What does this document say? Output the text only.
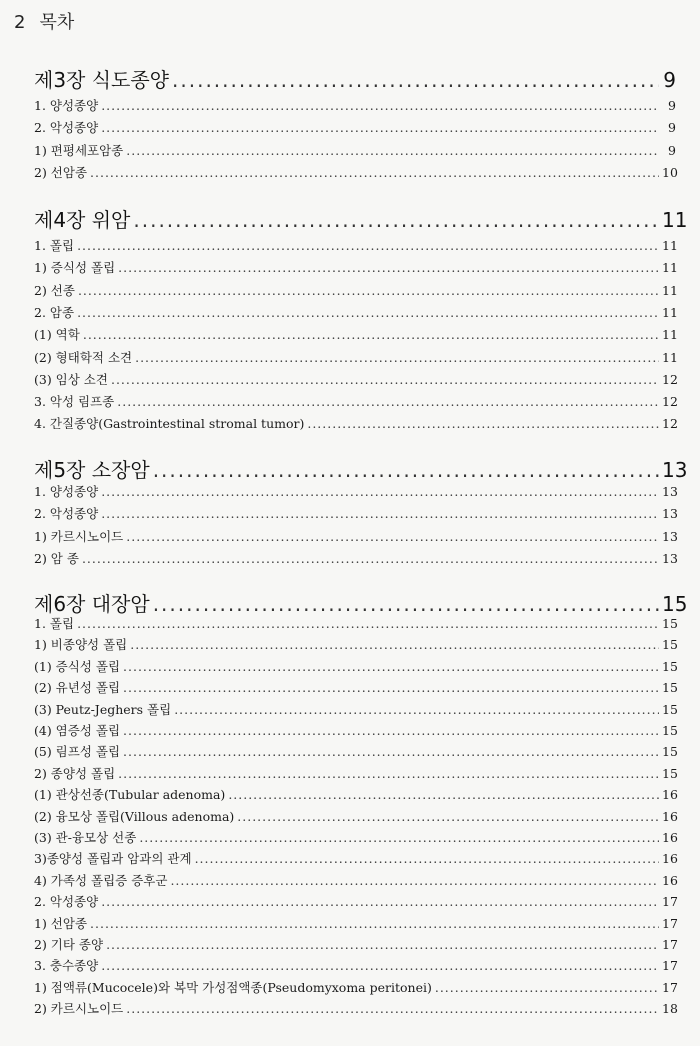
2 목차
제3장 식도종양 .....	9
1. 양성종양 .....	9
2. 악성종양 .....	9
1) 편평세포암종 .....	9
2) 선암종 .....	10
제4장 위암 .....	11
1. 폴립 .....	11
1) 증식성 폴립 .....	11
2) 선종 .....	11
2. 암종 .....	11
(1) 역학 .....	11
(2) 형태학적 소견 .....	11
(3) 임상 소견 .....	12
3. 악성 림프종 .....	12
4. 간질종양(Gastrointestinal stromal tumor) .....	12
제5장 소장암 .....	13
1. 양성종양 .....	13
2. 악성종양 .....	13
1) 카르시노이드 .....	13
2) 암 종 .....	13
제6장 대장암 .....	15
1. 폴립 .....	15
1) 비종양성 폴립 .....	15
(1) 증식성 폴립 .....	15
(2) 유년성 폴립 .....	15
(3) Peutz-Jeghers 폴립 .....	15
(4) 염증성 폴립 .....	15
(5) 림프성 폴립 .....	15
2) 종양성 폴립 .....	15
(1) 관상선종(Tubular adenoma) .....	16
(2) 융모상 폴립(Villous adenoma) .....	16
(3) 관-융모상 선종 .....	16
3)종양성 폴립과 암과의 관계 .....	16
4) 가족성 폴립증 증후군 .....	16
2. 악성종양 .....	17
1) 선암종 .....	17
2) 기타 종양 .....	17
3. 충수종양 .....	17
1) 점액류(Mucocele)와 복막 가성점액종(Pseudomyxoma peritonei) .....	17
2) 카르시노이드 .....	18
